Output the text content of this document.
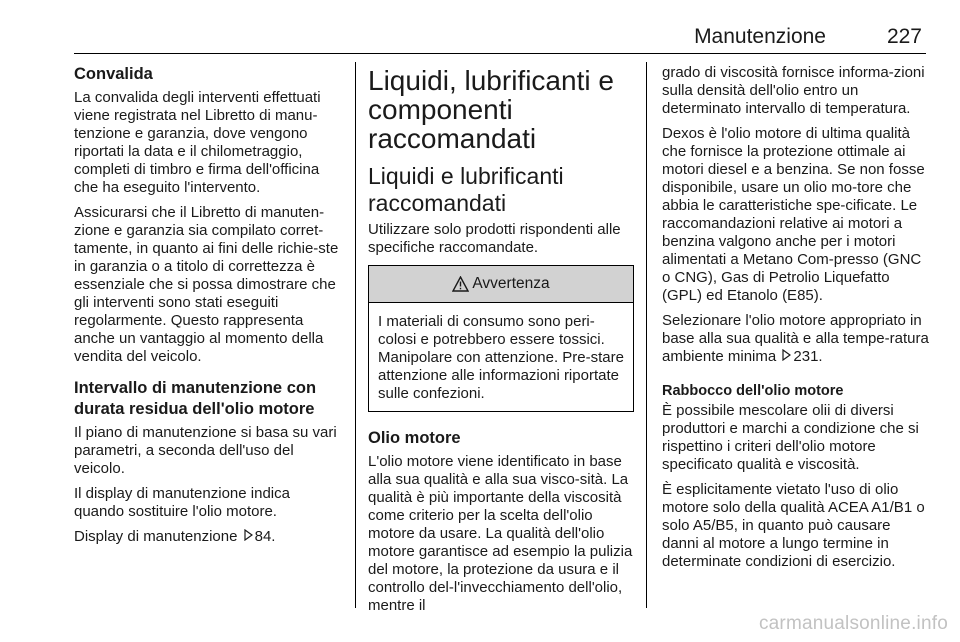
Manutenzione	227
Convalida

La convalida degli interventi effettuati viene registrata nel Libretto di manu-tenzione e garanzia, dove vengono riportati la data e il chilometraggio, completi di timbro e firma dell'officina che ha eseguito l'intervento.

Assicurarsi che il Libretto di manuten-zione e garanzia sia compilato corret-tamente, in quanto ai fini delle richie-ste in garanzia o a titolo di correttezza è essenziale che si possa dimostrare che gli interventi sono stati eseguiti regolarmente. Questo rappresenta anche un vantaggio al momento della vendita del veicolo.

Intervallo di manutenzione con durata residua dell'olio motore

Il piano di manutenzione si basa su vari parametri, a seconda dell'uso del veicolo.

Il display di manutenzione indica quando sostituire l'olio motore.

Display di manutenzione 84.

Liquidi, lubrificanti e componenti raccomandati
Liquidi e lubrificanti raccomandati

Utilizzare solo prodotti rispondenti alle specifiche raccomandate.

Avvertenza

I materiali di consumo sono peri-colosi e potrebbero essere tossici. Manipolare con attenzione. Pre-stare attenzione alle informazioni riportate sulle confezioni.

Olio motore

L'olio motore viene identificato in base alla sua qualità e alla sua visco-sità. La qualità è più importante della viscosità come criterio per la scelta dell'olio motore da usare. La qualità dell'olio motore garantisce ad esempio la pulizia del motore, la protezione da usura e il controllo del-l'invecchiamento dell'olio, mentre il

grado di viscosità fornisce informa-zioni sulla densità dell'olio entro un determinato intervallo di temperatura.

Dexos è l'olio motore di ultima qualità che fornisce la protezione ottimale ai motori diesel e a benzina. Se non fosse disponibile, usare un olio mo-tore che abbia le caratteristiche spe-cificate. Le raccomandazioni relative ai motori a benzina valgono anche per i motori alimentati a Metano Com-presso (GNC o CNG), Gas di Petrolio Liquefatto (GPL) ed Etanolo (E85).

Selezionare l'olio motore appropriato in base alla sua qualità e alla tempe-ratura ambiente minima 231.

Rabbocco dell'olio motore

È possibile mescolare olii di diversi produttori e marchi a condizione che si rispettino i criteri dell'olio motore specificato qualità e viscosità.

È esplicitamente vietato l'uso di olio motore solo della qualità ACEA A1/B1 o solo A5/B5, in quanto può causare danni al motore a lungo termine in determinate condizioni di esercizio.

carmanualsonline.info
